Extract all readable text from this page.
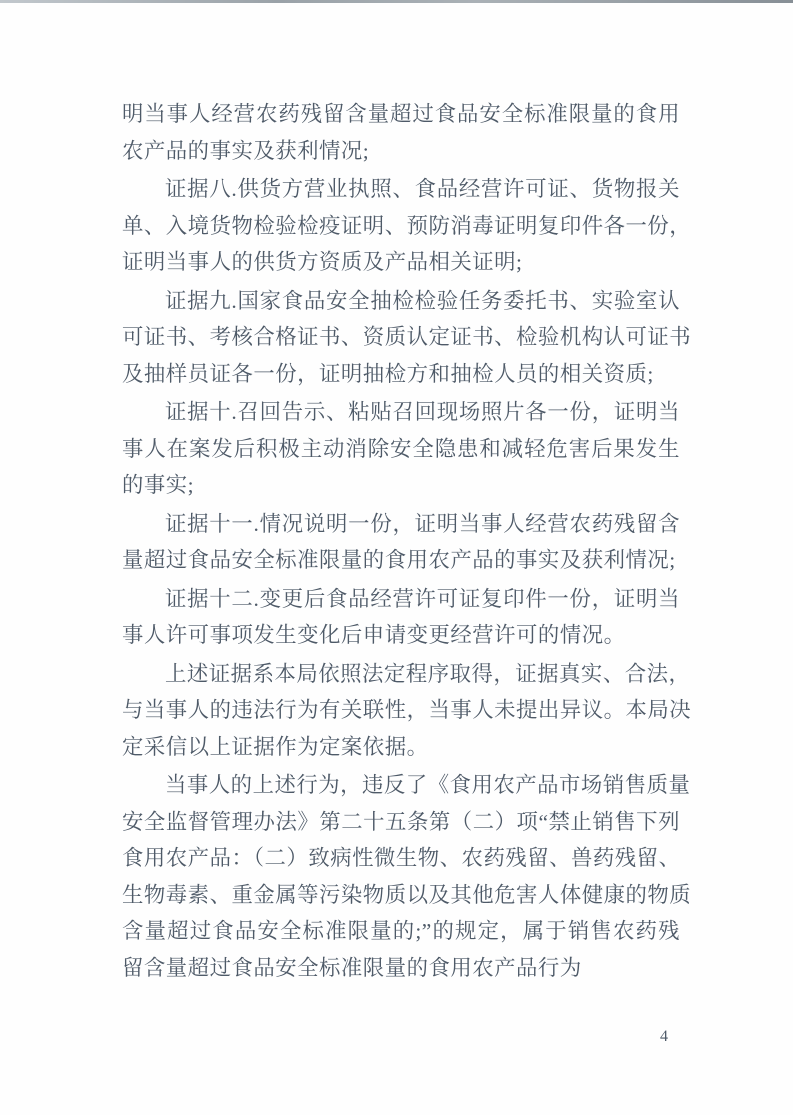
明当事人经营农药残留含量超过食品安全标准限量的食用
农产品的事实及获利情况;
证据八.供货方营业执照、食品经营许可证、货物报关
单、入境货物检验检疫证明、预防消毒证明复印件各一份，
证明当事人的供货方资质及产品相关证明;
证据九.国家食品安全抽检检验任务委托书、实验室认
可证书、考核合格证书、资质认定证书、检验机构认可证书
及抽样员证各一份，证明抽检方和抽检人员的相关资质;
证据十.召回告示、粘贴召回现场照片各一份，证明当
事人在案发后积极主动消除安全隐患和减轻危害后果发生
的事实;
证据十一.情况说明一份，证明当事人经营农药残留含
量超过食品安全标准限量的食用农产品的事实及获利情况;
证据十二.变更后食品经营许可证复印件一份，证明当
事人许可事项发生变化后申请变更经营许可的情况。
上述证据系本局依照法定程序取得，证据真实、合法，
与当事人的违法行为有关联性，当事人未提出异议。本局决
定采信以上证据作为定案依据。
当事人的上述行为，违反了《食用农产品市场销售质量
安全监督管理办法》第二十五条第（二）项“禁止销售下列
食用农产品：（二）致病性微生物、农药残留、兽药残留、
生物毒素、重金属等污染物质以及其他危害人体健康的物质
含量超过食品安全标准限量的;”的规定，属于销售农药残
留含量超过食品安全标准限量的食用农产品行为
4
